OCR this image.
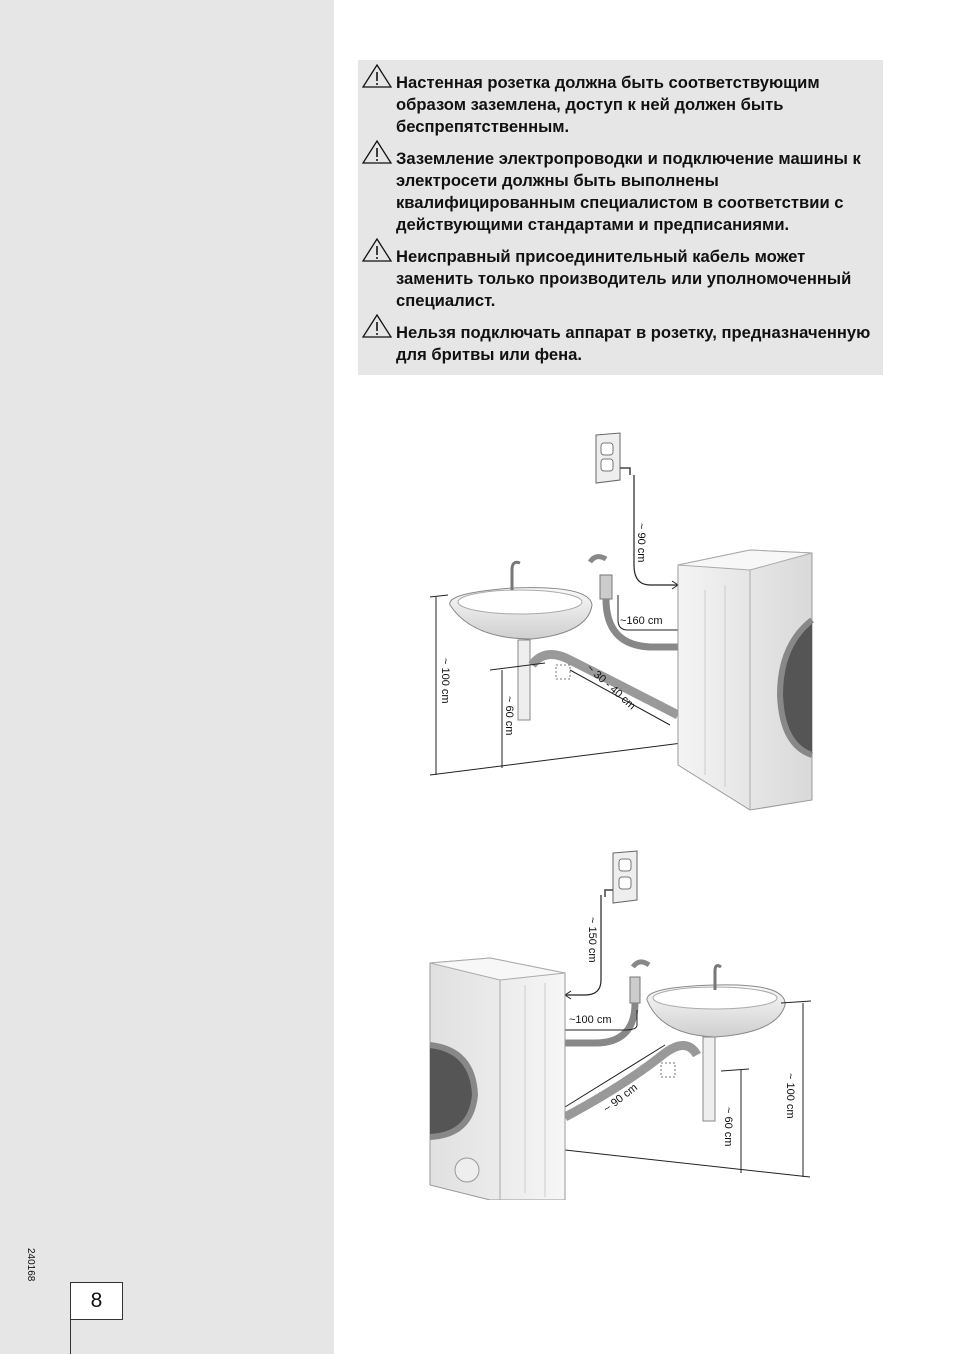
240168
8
Настенная розетка должна быть соответствующим образом заземлена, доступ к ней должен быть беспрепятственным.
Заземление электропроводки и подключение машины к электросети должны быть выполнены квалифицированным специалистом в соответствии с действующими стандартами и предписаниями.
Неисправный присоединительный кабель может заменить только производитель или уполномоченный специалист.
Нельзя подключать аппарат в розетку, предназначенную для бритвы или фена.
~ 90 cm
~160 cm
~ 30 - 40 cm
~ 100 cm
~ 60 cm
~ 150 cm
~100 cm
~ 90 cm
~ 60 cm
~ 100 cm
